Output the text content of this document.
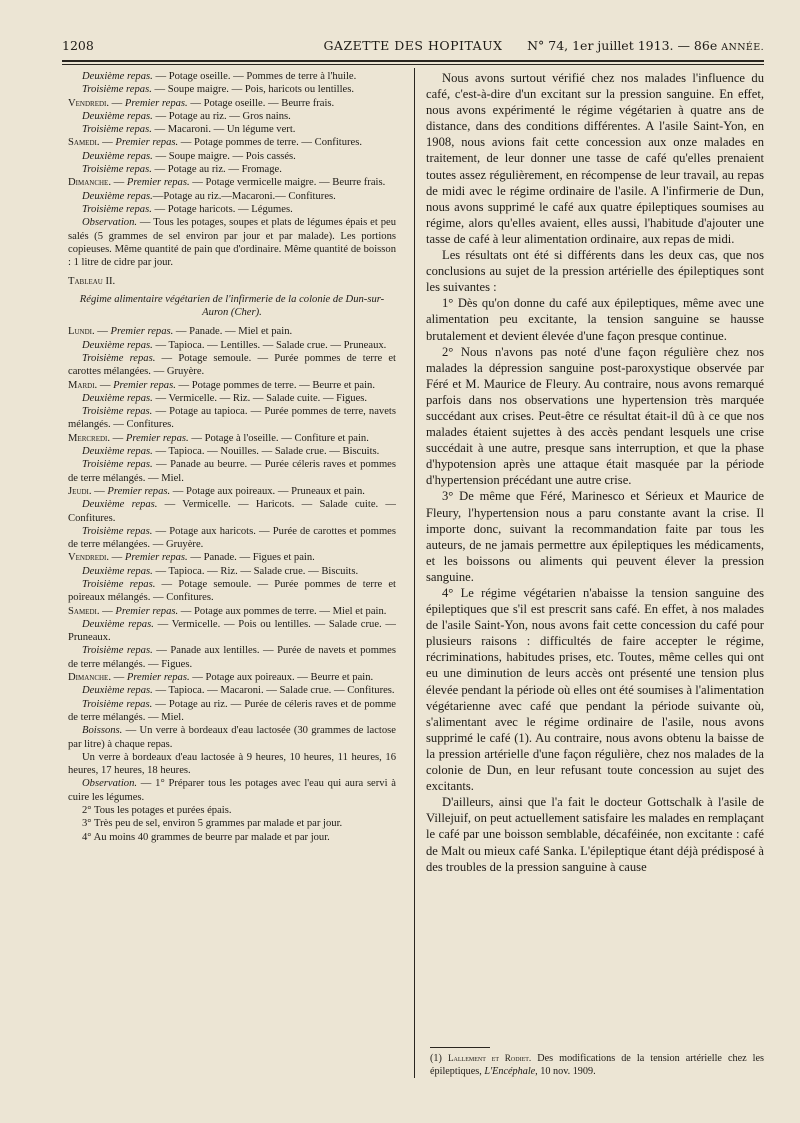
1208	GAZETTE DES HOPITAUX	N° 74, 1er juillet 1913. — 86e ANNÉE.

Deuxième repas. — Potage oseille. — Pommes de terre à l'huile.

Troisième repas. — Soupe maigre. — Pois, haricots ou lentilles.

Vendredi. — Premier repas. — Potage oseille. — Beurre frais.

Deuxième repas. — Potage au riz. — Gros nains.

Troisième repas. — Macaroni. — Un légume vert.

Samedi. — Premier repas. — Potage pommes de terre. — Confitures.

Deuxième repas. — Soupe maigre. — Pois cassés.

Troisième repas. — Potage au riz. — Fromage.

Dimanche. — Premier repas. — Potage vermicelle maigre. — Beurre frais.

Deuxième repas.—Potage au riz.—Macaroni.— Confitures.

Troisième repas. — Potage haricots. — Légumes.

Observation. — Tous les potages, soupes et plats de légumes épais et peu salés (5 grammes de sel environ par jour et par malade). Les portions copieuses. Même quantité de pain que d'ordinaire. Même quantité de boisson : 1 litre de cidre par jour.

Tableau II.

Régime alimentaire végétarien de l'infirmerie de la colonie de Dun-sur-Auron (Cher).

Lundi. — Premier repas. — Panade. — Miel et pain.

Deuxième repas. — Tapioca. — Lentilles. — Salade crue. — Pruneaux.

Troisième repas. — Potage semoule. — Purée pommes de terre et carottes mélangées. — Gruyère.

Mardi. — Premier repas. — Potage pommes de terre. — Beurre et pain.

Deuxième repas. — Vermicelle. — Riz. — Salade cuite. — Figues.

Troisième repas. — Potage au tapioca. — Purée pommes de terre, navets mélangés. — Confitures.

Mercredi. — Premier repas. — Potage à l'oseille. — Confiture et pain.

Deuxième repas. — Tapioca. — Nouilles. — Salade crue. — Biscuits.

Troisième repas. — Panade au beurre. — Purée céleris raves et pommes de terre mélangés. — Miel.

Jeudi. — Premier repas. — Potage aux poireaux. — Pruneaux et pain.

Deuxième repas. — Vermicelle. — Haricots. — Salade cuite. — Confitures.

Troisième repas. — Potage aux haricots. — Purée de carottes et pommes de terre mélangées. — Gruyère.

Vendredi. — Premier repas. — Panade. — Figues et pain.

Deuxième repas. — Tapioca. — Riz. — Salade crue. — Biscuits.

Troisième repas. — Potage semoule. — Purée pommes de terre et poireaux mélangés. — Confitures.

Samedi. — Premier repas. — Potage aux pommes de terre. — Miel et pain.

Deuxième repas. — Vermicelle. — Pois ou lentilles. — Salade crue. — Pruneaux.

Troisième repas. — Panade aux lentilles. — Purée de navets et pommes de terre mélangés. — Figues.

Dimanche. — Premier repas. — Potage aux poireaux. — Beurre et pain.

Deuxième repas. — Tapioca. — Macaroni. — Salade crue. — Confitures.

Troisième repas. — Potage au riz. — Purée de céleris raves et de pomme de terre mélangés. — Miel.

Boissons. — Un verre à bordeaux d'eau lactosée (30 grammes de lactose par litre) à chaque repas.

Un verre à bordeaux d'eau lactosée à 9 heures, 10 heures, 11 heures, 16 heures, 17 heures, 18 heures.

Observation. — 1° Préparer tous les potages avec l'eau qui aura servi à cuire les légumes.

2° Tous les potages et purées épais.

3° Très peu de sel, environ 5 grammes par malade et par jour.

4° Au moins 40 grammes de beurre par malade et par jour.

Nous avons surtout vérifié chez nos malades l'influence du café, c'est-à-dire d'un excitant sur la pression sanguine. En effet, nous avons expérimenté le régime végétarien à quatre ans de distance, dans des conditions différentes. A l'asile Saint-Yon, en 1908, nous avions fait cette concession aux onze malades en traitement, de leur donner une tasse de café qu'elles prenaient toutes assez régulièrement, en récompense de leur travail, au repas de midi avec le régime ordinaire de l'asile. A l'infirmerie de Dun, nous avons supprimé le café aux quatre épileptiques soumises au régime, alors qu'elles avaient, elles aussi, l'habitude d'ajouter une tasse de café à leur alimentation ordinaire, aux repas de midi.

Les résultats ont été si différents dans les deux cas, que nos conclusions au sujet de la pression artérielle des épileptiques sont les suivantes :

1° Dès qu'on donne du café aux épileptiques, même avec une alimentation peu excitante, la tension sanguine se hausse brutalement et devient élevée d'une façon presque continue.

2° Nous n'avons pas noté d'une façon régulière chez nos malades la dépression sanguine post-paroxystique observée par Féré et M. Maurice de Fleury. Au contraire, nous avons remarqué parfois dans nos observations une hypertension très marquée succédant aux crises. Peut-être ce résultat était-il dû à ce que nos malades étaient sujettes à des accès pendant lesquels une crise succédait à une autre, presque sans interruption, et que la phase d'hypotension après une attaque était masquée par la période d'hypertension précédant une autre crise.

3° De même que Féré, Marinesco et Sérieux et Maurice de Fleury, l'hypertension nous a paru constante avant la crise. Il importe donc, suivant la recommandation faite par tous les auteurs, de ne jamais permettre aux épileptiques les médicaments, et les boissons ou aliments qui peuvent élever la pression sanguine.

4° Le régime végétarien n'abaisse la tension sanguine des épileptiques que s'il est prescrit sans café. En effet, à nos malades de l'asile Saint-Yon, nous avons fait cette concession du café pour plusieurs raisons : difficultés de faire accepter le régime, récriminations, habitudes prises, etc. Toutes, même celles qui ont eu une diminution de leurs accès ont présenté une tension plus élevée pendant la période où elles ont été soumises à l'alimentation végétarienne avec café que pendant la période suivante où, s'alimentant avec le régime ordinaire de l'asile, nous avons supprimé le café (1). Au contraire, nous avons obtenu la baisse de la pression artérielle d'une façon régulière, chez nos malades de la colonie de Dun, en leur refusant toute concession au sujet des excitants.

D'ailleurs, ainsi que l'a fait le docteur Gottschalk à l'asile de Villejuif, on peut actuellement satisfaire les malades en remplaçant le café par une boisson semblable, décaféinée, non excitante : café de Malt ou mieux café Sanka. L'épileptique étant déjà prédisposé à des troubles de la pression sanguine à cause

(1) Lallement et Rodiet. Des modifications de la tension artérielle chez les épileptiques, L'Encéphale, 10 nov. 1909.
